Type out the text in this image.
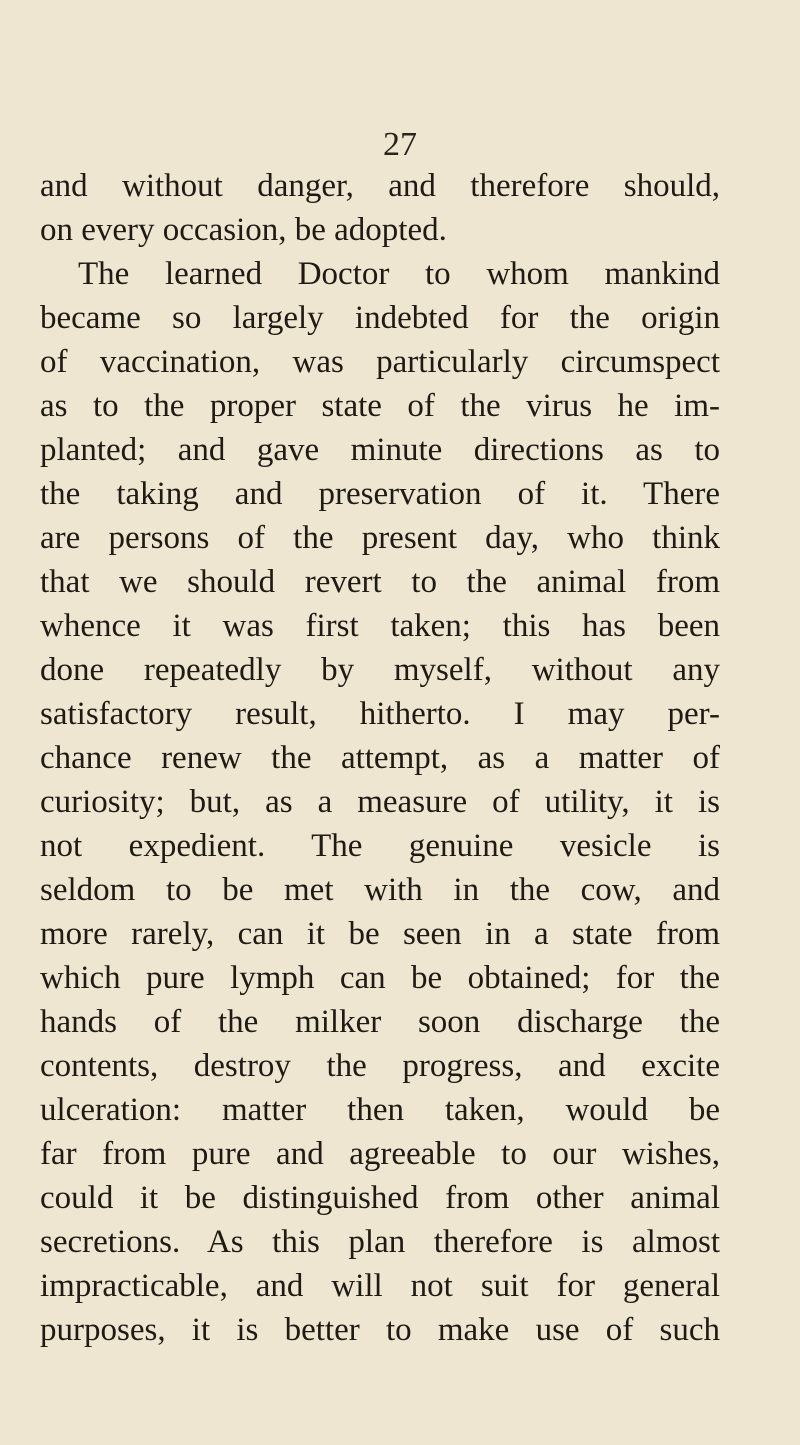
27
and without danger, and therefore should,
on every occasion, be adopted.
The learned Doctor to whom mankind
became so largely indebted for the origin
of vaccination, was particularly circumspect
as to the proper state of the virus he im-
planted; and gave minute directions as to
the taking and preservation of it. There
are persons of the present day, who think
that we should revert to the animal from
whence it was first taken; this has been
done repeatedly by myself, without any
satisfactory result, hitherto. I may per-
chance renew the attempt, as a matter of
curiosity; but, as a measure of utility, it is
not expedient. The genuine vesicle is
seldom to be met with in the cow, and
more rarely, can it be seen in a state from
which pure lymph can be obtained; for the
hands of the milker soon discharge the
contents, destroy the progress, and excite
ulceration: matter then taken, would be
far from pure and agreeable to our wishes,
could it be distinguished from other animal
secretions. As this plan therefore is almost
impracticable, and will not suit for general
purposes, it is better to make use of such
